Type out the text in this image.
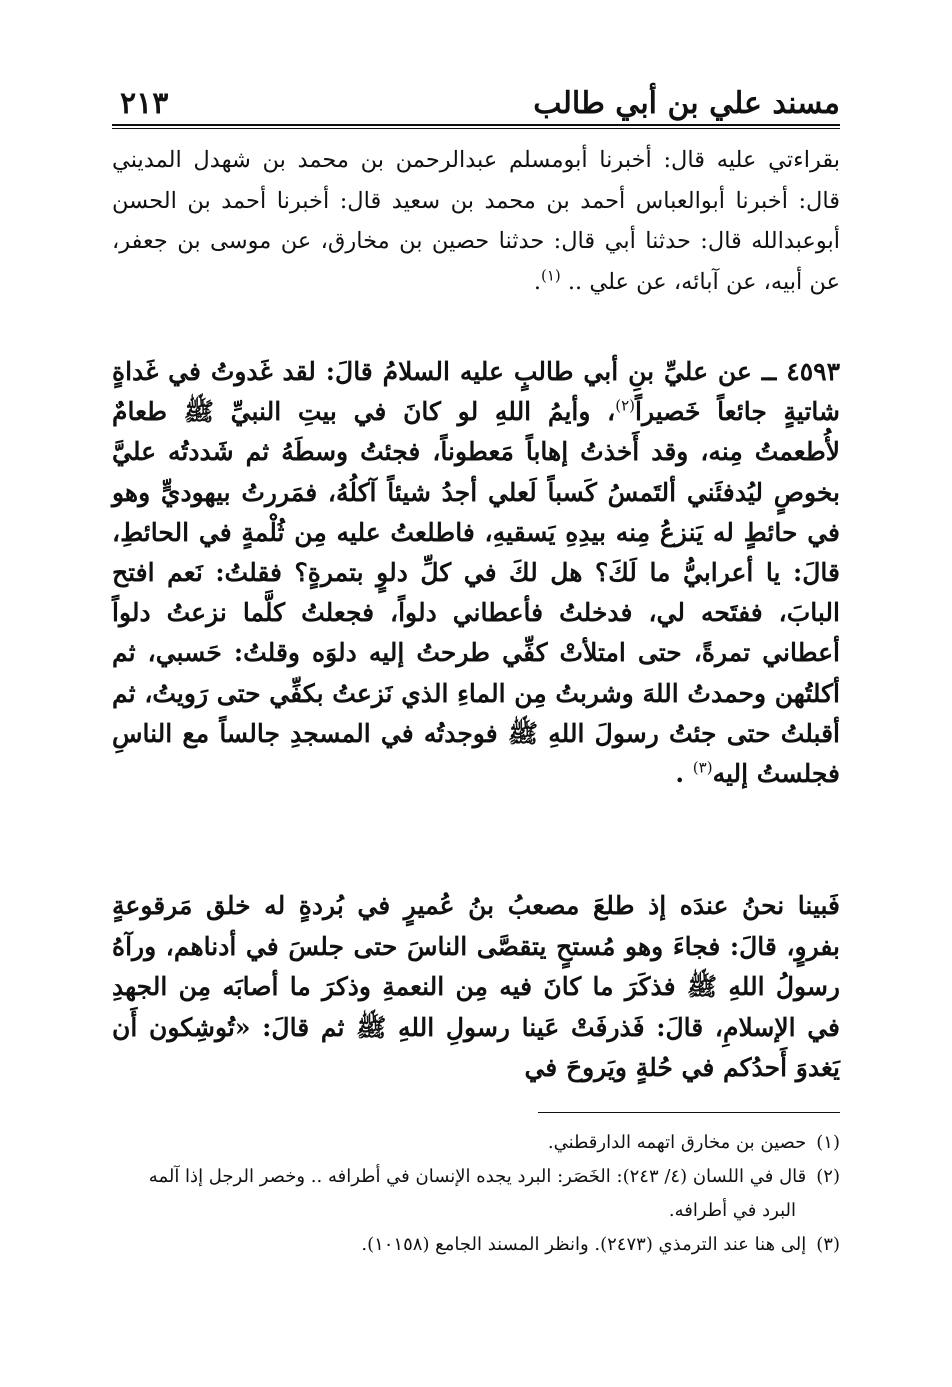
مسند علي بن أبي طالب
٢١٣
بقراءتي عليه قال: أخبرنا أبومسلم عبدالرحمن بن محمد بن شهدل المديني قال: أخبرنا أبوالعباس أحمد بن محمد بن سعيد قال: أخبرنا أحمد بن الحسن أبوعبدالله قال: حدثنا أبي قال: حدثنا حصين بن مخارق، عن موسى بن جعفر، عن أبيه، عن آبائه، عن علي .. $^{(١)}$.
٤٥٩٣ ــ عن عليِّ بنِ أبي طالبٍ عليه السلامُ قالَ: لقد غَدوتُ في غَداةٍ شاتيةٍ جائعاً خَصيراً$^{(٢)}$، وأيمُ اللهِ لو كانَ في بيتِ النبيِّ ﷺ طعامٌ لأُطعمتُ مِنه، وقد أَخذتُ إهاباً مَعطوناً، فجئتُ وسطَهُ ثم شَددتُه عليَّ بخوصٍ ليُدفئَني ألتَمسُ كَسباً لَعلي أجدُ شيئاً آكلُهُ، فمَررتُ بيهوديٍّ وهو في حائطٍ له يَنزعُ مِنه بيدِهِ يَسقيهِ، فاطلعتُ عليه مِن ثُلْمةٍ في الحائطِ، قالَ: يا أعرابيُّ ما لَكَ؟ هل لكَ في كلِّ دلوٍ بتمرةٍ؟ فقلتُ: نَعم افتح البابَ، ففتَحه لي، فدخلتُ فأعطاني دلواً، فجعلتُ كلَّما نزعتُ دلواً أعطاني تمرةً، حتى امتلأتْ كفِّي طرحتُ إليه دلوَه وقلتُ: حَسبي، ثم أكلتُهن وحمدتُ اللهَ وشربتُ مِن الماءِ الذي نَزعتُ بكفِّي حتى رَويتُ، ثم أقبلتُ حتى جئتُ رسولَ اللهِ ﷺ فوجدتُه في المسجدِ جالساً مع الناسِ فجلستُ إليه$^{(٣)}$ .
فَبينا نحنُ عندَه إذ طلعَ مصعبُ بنُ عُميرٍ في بُردةٍ له خلق مَرقوعةٍ بفروٍ، قالَ: فجاءَ وهو مُستحٍ يتقصَّى الناسَ حتى جلسَ في أدناهم، ورآهُ رسولُ اللهِ ﷺ فذكَرَ ما كانَ فيه مِن النعمةِ وذكرَ ما أصابَه مِن الجهدِ في الإسلامِ، قالَ: فَذرفَتْ عَينا رسولِ اللهِ ﷺ ثم قالَ: «تُوشِكون أَن يَغدوَ أَحدُكم في حُلةٍ ويَروحَ في
(١)حصين بن مخارق اتهمه الدارقطني.
(٢)قال في اللسان (٤/ ٢٤٣): الخَصَر: البرد يجده الإنسان في أطرافه .. وخصر الرجل إذا آلمه
البرد في أطرافه.
(٣)إلى هنا عند الترمذي (٢٤٧٣). وانظر المسند الجامع (١٠١٥٨).
